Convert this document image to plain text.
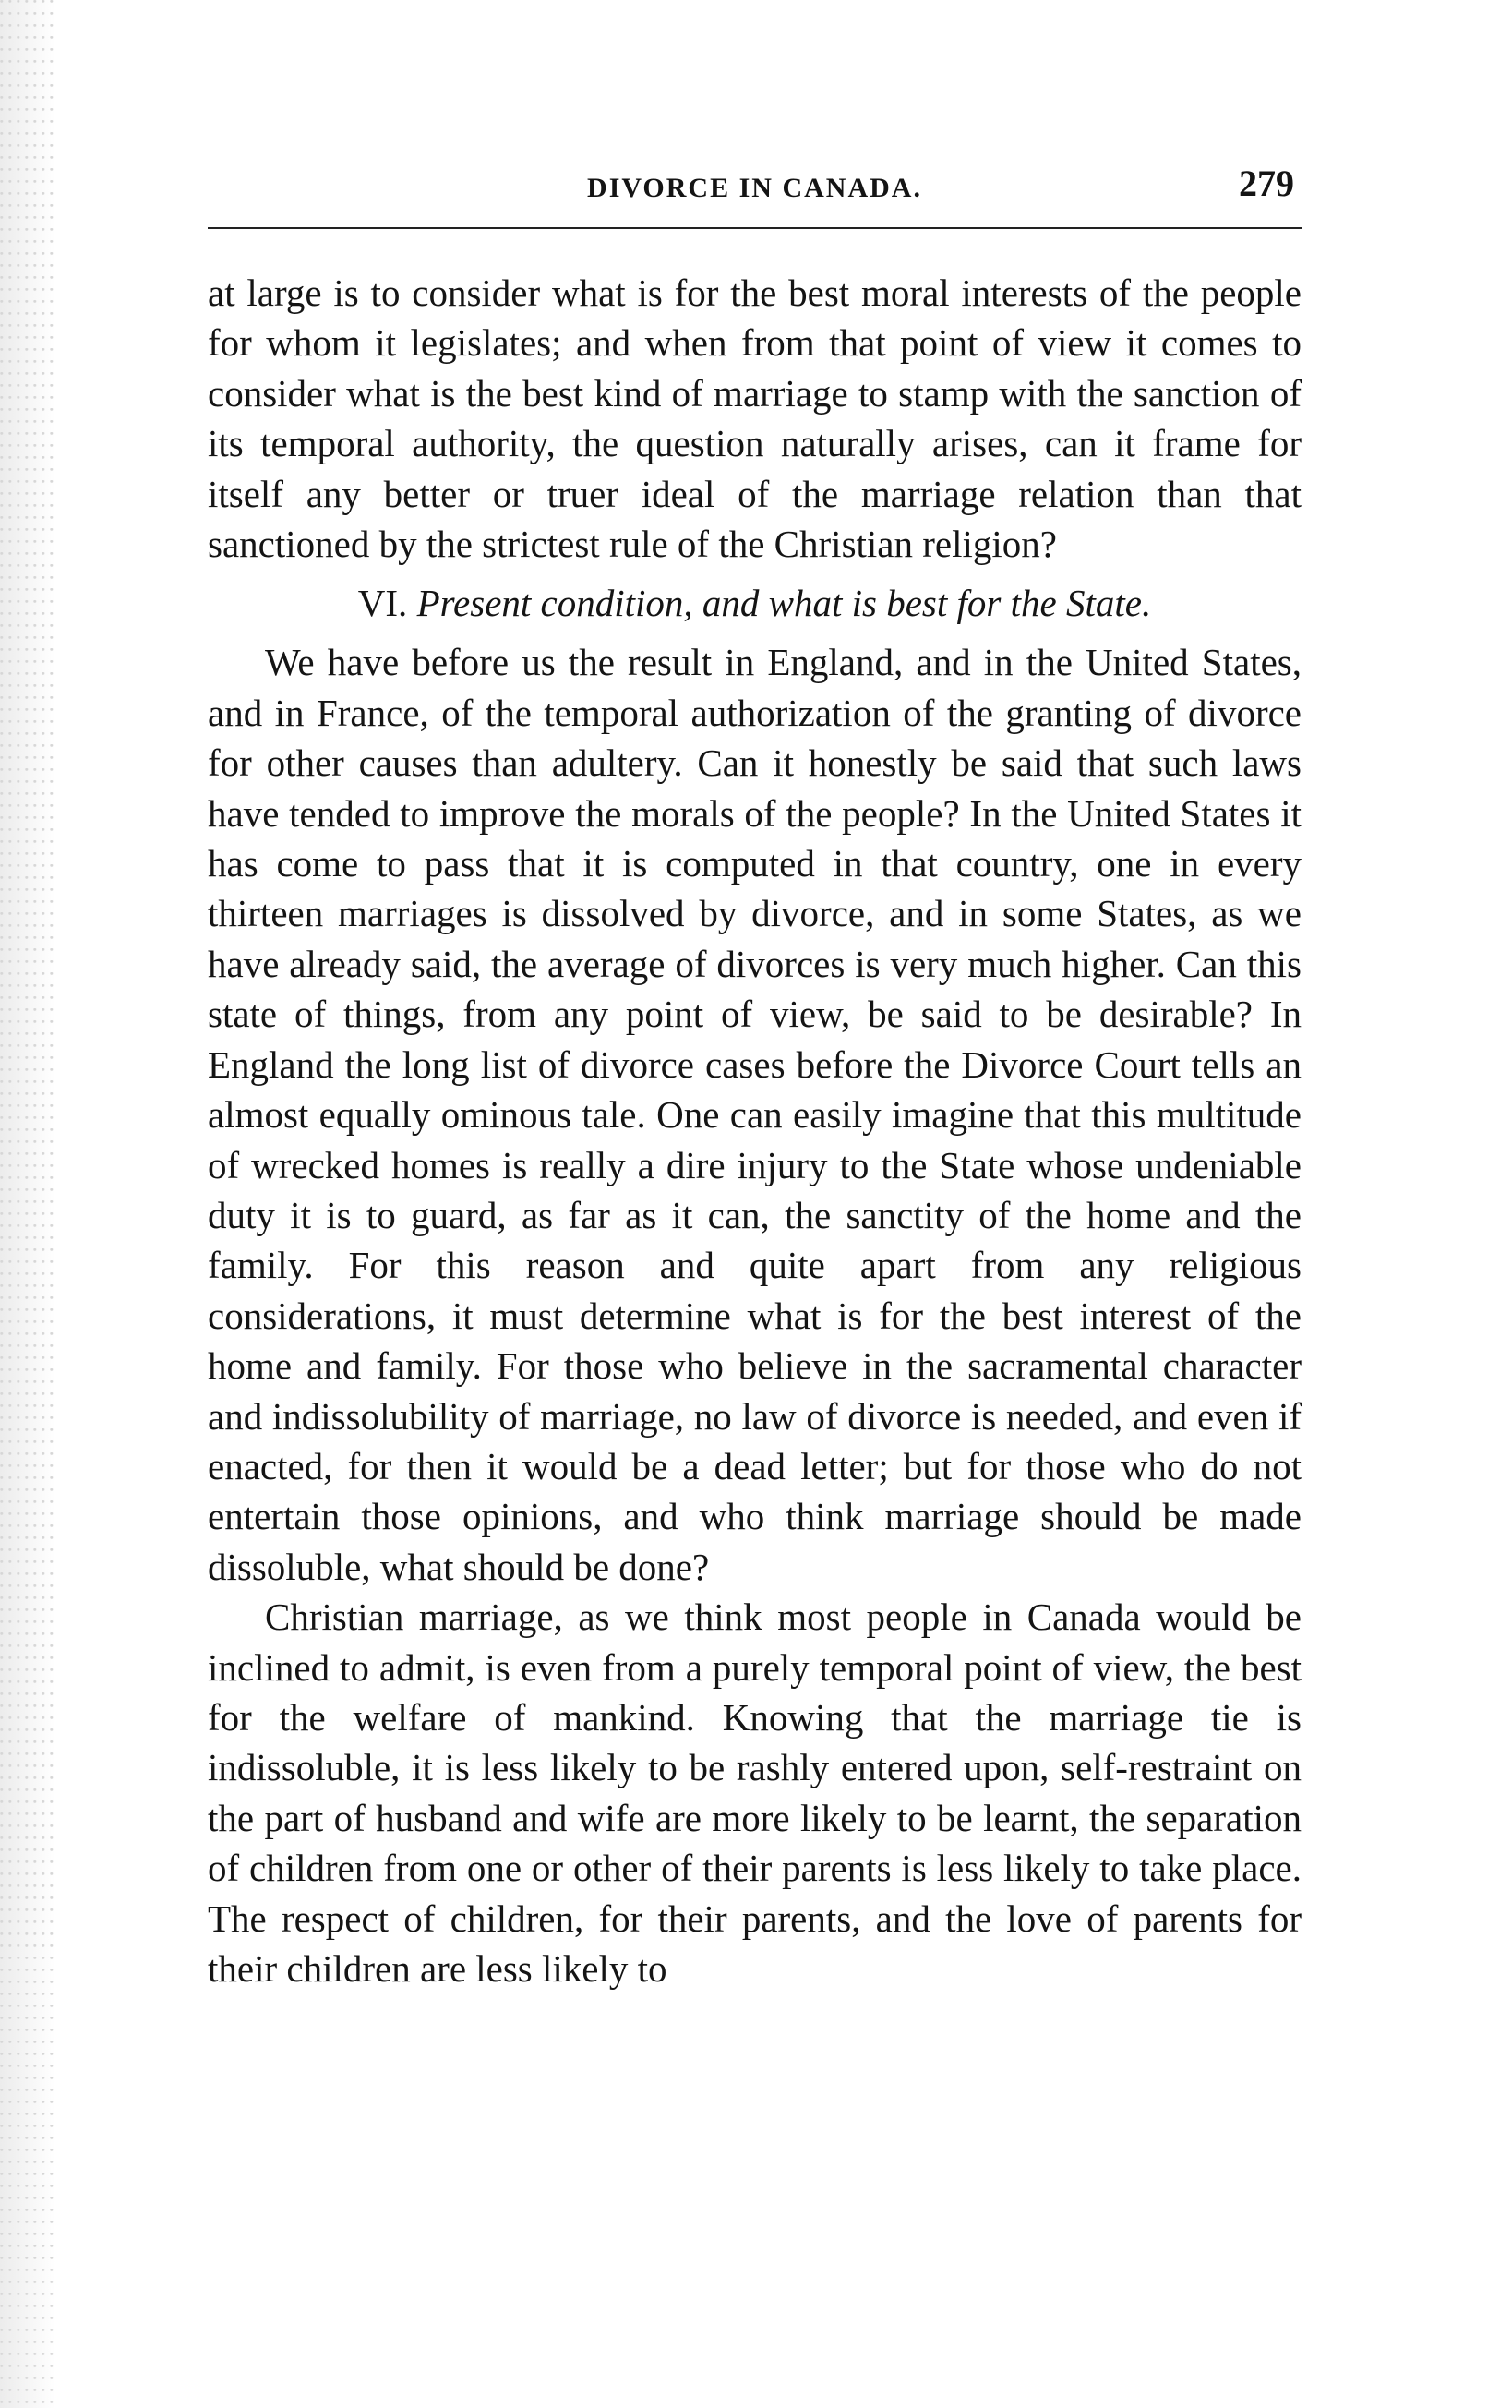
DIVORCE IN CANADA.	279

at large is to consider what is for the best moral interests of the people for whom it legislates; and when from that point of view it comes to consider what is the best kind of marriage to stamp with the sanction of its temporal authority, the question naturally arises, can it frame for itself any better or truer ideal of the marriage relation than that sanctioned by the strictest rule of the Christian religion?

VI. Present condition, and what is best for the State.

We have before us the result in England, and in the United States, and in France, of the temporal authorization of the granting of divorce for other causes than adultery. Can it honestly be said that such laws have tended to improve the morals of the people? In the United States it has come to pass that it is computed in that country, one in every thirteen marriages is dissolved by divorce, and in some States, as we have already said, the average of divorces is very much higher. Can this state of things, from any point of view, be said to be desirable? In England the long list of divorce cases before the Divorce Court tells an almost equally ominous tale. One can easily imagine that this multitude of wrecked homes is really a dire injury to the State whose undeniable duty it is to guard, as far as it can, the sanctity of the home and the family. For this reason and quite apart from any religious considerations, it must determine what is for the best interest of the home and family. For those who believe in the sacramental character and indissolubility of marriage, no law of divorce is needed, and even if enacted, for then it would be a dead letter; but for those who do not entertain those opinions, and who think marriage should be made dissoluble, what should be done?

Christian marriage, as we think most people in Canada would be inclined to admit, is even from a purely temporal point of view, the best for the welfare of mankind. Knowing that the marriage tie is indissoluble, it is less likely to be rashly entered upon, self-restraint on the part of husband and wife are more likely to be learnt, the separation of children from one or other of their parents is less likely to take place. The respect of children, for their parents, and the love of parents for their children are less likely to
